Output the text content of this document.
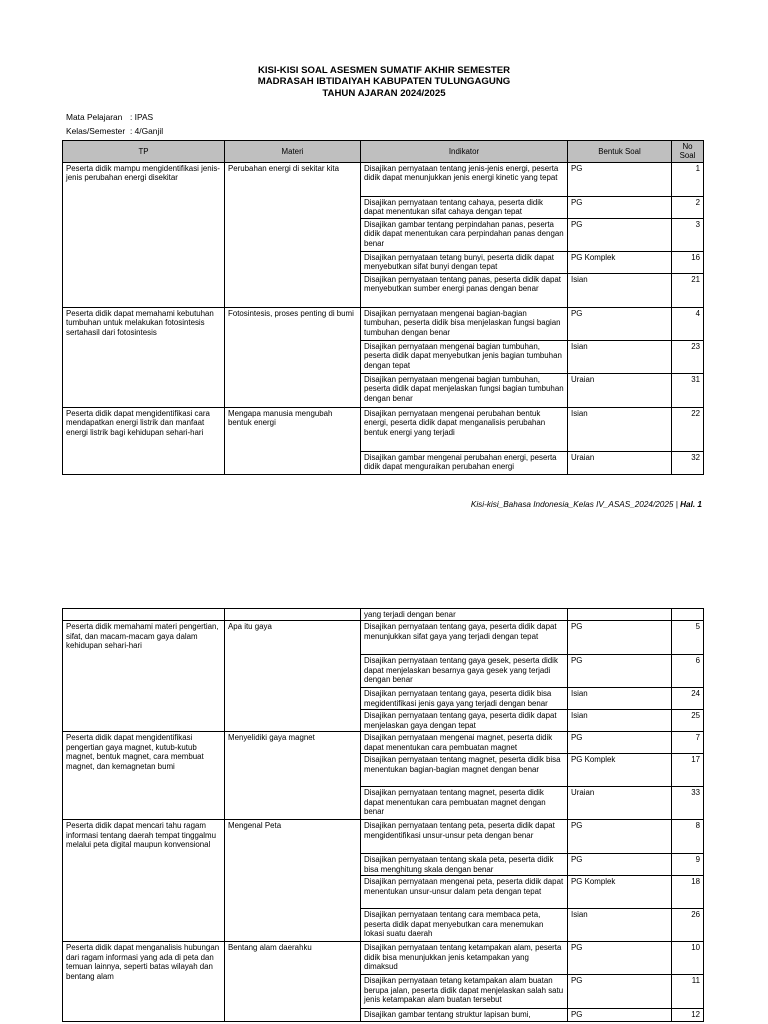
KISI-KISI SOAL ASESMEN SUMATIF AKHIR SEMESTER
MADRASAH IBTIDAIYAH KABUPATEN TULUNGAGUNG
TAHUN AJARAN 2024/2025
Mata Pelajaran : IPAS
Kelas/Semester : 4/Ganjil
TP	Materi	Indikator	Bentuk Soal	No Soal
Peserta didik mampu mengidentifikasi jenis-jenis perubahan energi disekitar	Perubahan energi di sekitar kita	Disajikan pernyataan tentang jenis-jenis energi, peserta didik dapat menunjukkan jenis energi kinetic yang tepat	PG	1
		Disajikan pernyataan tentang cahaya, peserta didik dapat menentukan sifat cahaya dengan tepat	PG	2
		Disajikan gambar tentang perpindahan panas, peserta didik dapat menentukan cara perpindahan panas dengan benar	PG	3
		Disajikan pernyataan tetang bunyi, peserta didik dapat menyebutkan sifat bunyi dengan tepat	PG Komplek	16
		Disajikan pernyataan tentang panas, peserta didik dapat menyebutkan sumber energi panas dengan benar	Isian	21
Peserta didik dapat memahami kebutuhan tumbuhan untuk melakukan fotosintesis sertahasil dari fotosintesis	Fotosintesis, proses penting di bumi	Disajikan pernyataan mengenai bagian-bagian tumbuhan, peserta didik bisa menjelaskan fungsi bagian tumbuhan dengan benar	PG	4
		Disajikan pernyataan mengenai bagian tumbuhan, peserta didik dapat menyebutkan jenis bagian tumbuhan dengan tepat	Isian	23
		Disajikan pernyataan mengenai bagian tumbuhan, peserta didik dapat menjelaskan fungsi bagian tumbuhan dengan benar	Uraian	31
Peserta didik dapat mengidentifikasi cara mendapatkan energi listrik dan manfaat energi listrik bagi kehidupan sehari-hari	Mengapa manusia mengubah bentuk energi	Disajikan pernyataan mengenai perubahan bentuk energi, peserta didik dapat menganalisis perubahan bentuk energi yang terjadi	Isian	22
		Disajikan gambar mengenai perubahan energi, peserta didik dapat menguraikan perubahan energi	Uraian	32
Kisi-kisi_Bahasa Indonesia_Kelas IV_ASAS_2024/2025 | Hal. 1
		yang terjadi dengan benar		
Peserta didik memahami materi pengertian, sifat, dan macam-macam gaya dalam kehidupan sehari-hari	Apa itu gaya	Disajikan pernyataan tentang gaya, peserta didik dapat menunjukkan sifat gaya yang terjadi dengan tepat	PG	5
		Disajikan pernyataan tentang gaya gesek, peserta didik dapat menjelaskan besarnya gaya gesek yang terjadi dengan benar	PG	6
		Disajikan pernyataan tentang gaya, peserta didik bisa megidentifikasi jenis gaya yang terjadi dengan benar	Isian	24
		Disajikan pernyataan tentang gaya, peserta didik dapat menjelaskan gaya dengan tepat	Isian	25
Peserta didik dapat mengidentifikasi pengertian gaya magnet, kutub-kutub magnet, bentuk magnet, cara membuat magnet, dan kemagnetan bumi	Menyelidiki gaya magnet	Disajikan pernyataan mengenai magnet, peserta didik dapat menentukan cara pembuatan magnet	PG	7
		Disajikan pernyataan tentang magnet, peserta didik bisa menentukan bagian-bagian magnet dengan benar	PG Komplek	17
		Disajikan pernyataan tentang magnet, peserta didik dapat menentukan cara pembuatan magnet dengan benar	Uraian	33
Peserta didik dapat mencari tahu ragam informasi tentang daerah tempat tinggalmu melalui peta digital maupun konvensional	Mengenal Peta	Disajikan pernyataan tentang peta, peserta didik dapat mengidentifikasi unsur-unsur peta dengan benar	PG	8
		Disajikan pernyataan tentang skala peta, peserta didik bisa menghitung skala dengan benar	PG	9
		Disajikan pernyataan mengenai peta, peserta didik dapat menentukan unsur-unsur dalam peta dengan tepat	PG Komplek	18
		Disajikan pernyataan tentang cara membaca peta, peserta didik dapat menyebutkan cara menemukan lokasi suatu daerah	Isian	26
Peserta didik dapat menganalisis hubungan dari ragam informasi yang ada di peta dan temuan lainnya, seperti batas wilayah dan bentang alam	Bentang alam daerahku	Disajikan pernyataan tentang ketampakan alam, peserta didik bisa menunjukkan jenis ketampakan yang dimaksud	PG	10
		Disajikan pernyataan tetang ketampakan alam buatan berupa jalan, peserta didik dapat menjelaskan salah satu jenis ketampakan alam buatan tersebut	PG	11
		Disajikan gambar tentang struktur lapisan bumi,	PG	12
